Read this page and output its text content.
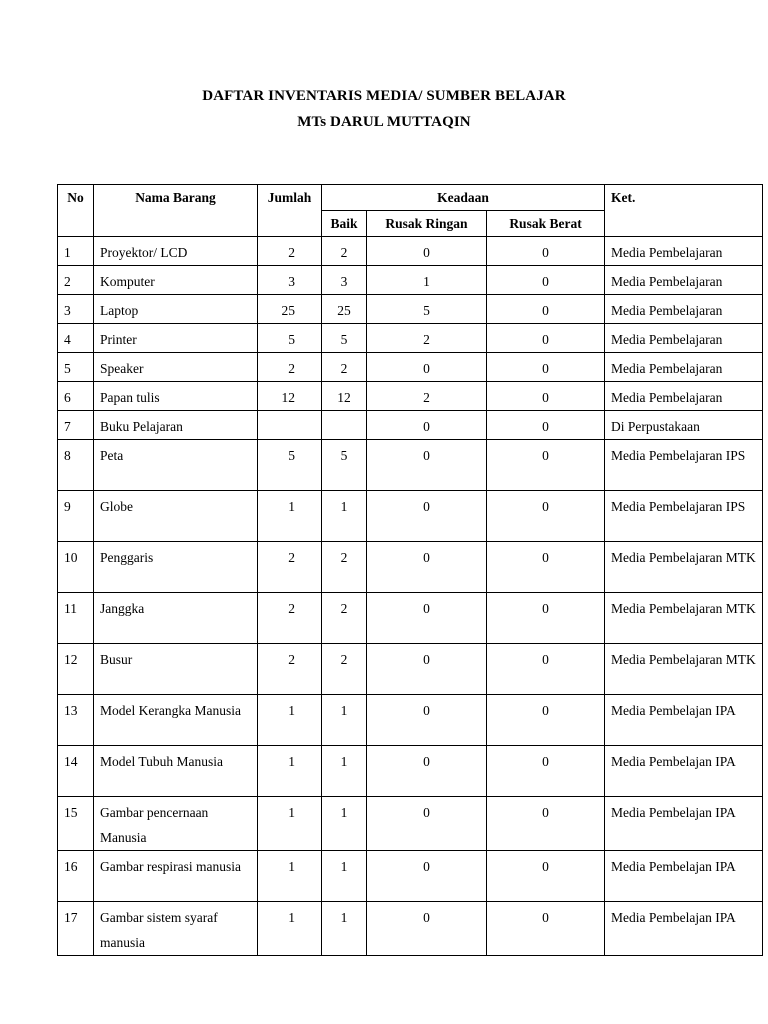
DAFTAR INVENTARIS MEDIA/ SUMBER BELAJAR
MTs DARUL MUTTAQIN
No	Nama Barang	Jumlah	Keadaan			Ket.
			Baik	Rusak Ringan	Rusak Berat	
1	Proyektor/ LCD	2	2	0	0	Media Pembelajaran
2	Komputer	3	3	1	0	Media Pembelajaran
3	Laptop	25	25	5	0	Media Pembelajaran
4	Printer	5	5	2	0	Media Pembelajaran
5	Speaker	2	2	0	0	Media Pembelajaran
6	Papan tulis	12	12	2	0	Media Pembelajaran
7	Buku Pelajaran			0	0	Di Perpustakaan
8	Peta	5	5	0	0	Media Pembelajaran IPS
9	Globe	1	1	0	0	Media Pembelajaran IPS
10	Penggaris	2	2	0	0	Media Pembelajaran MTK
11	Janggka	2	2	0	0	Media Pembelajaran MTK
12	Busur	2	2	0	0	Media Pembelajaran MTK
13	Model Kerangka Manusia	1	1	0	0	Media Pembelajan IPA
14	Model Tubuh Manusia	1	1	0	0	Media Pembelajan IPA
15	Gambar pencernaan Manusia	1	1	0	0	Media Pembelajan IPA
16	Gambar respirasi manusia	1	1	0	0	Media Pembelajan IPA
17	Gambar sistem syaraf manusia	1	1	0	0	Media Pembelajan IPA
